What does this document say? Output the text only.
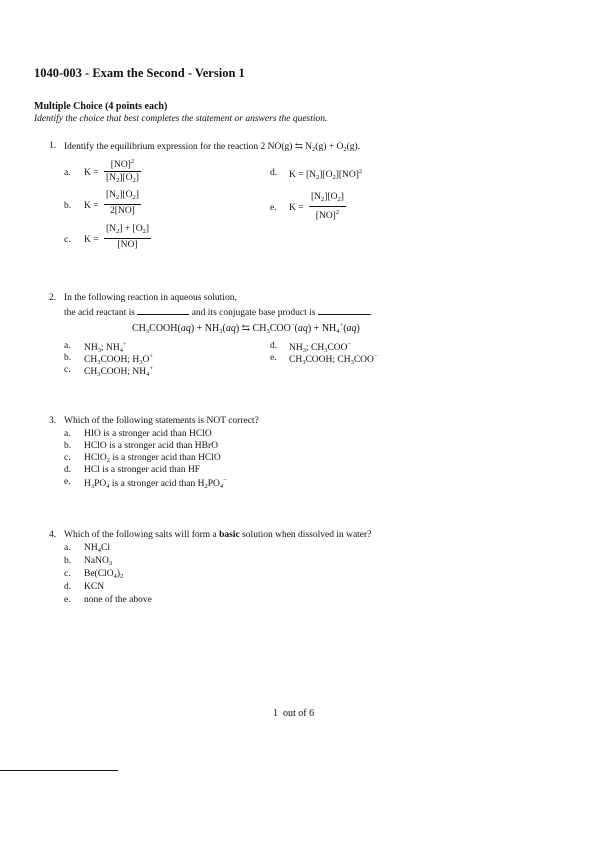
1040-003 - Exam the Second - Version 1
Multiple Choice (4 points each)
Identify the choice that best completes the statement or answers the question.
1. Identify the equilibrium expression for the reaction 2 NO(g) ⇆ $N_2(g) + O_2(g)$.
a. $K = \frac{[NO]^2}{[N_2][O_2]}$
b. $K = \frac{[N_2][O_2]}{2[NO]}$
c. $K = \frac{[N_2] + [O_2]}{[NO]}$
d. $K = [N_2][O_2][NO]^2$
e. $K = \frac{[N_2][O_2]}{[NO]^2}$
2. In the following reaction in aqueous solution,
the acid reactant is	and its conjugate base product is	.
$CH_3COOH(aq) + NH_3(aq)$ ⇆ $CH_3COO^-(aq) + NH_4^+(aq)$
a. $NH_3$; $NH_4^+$
b. $CH_3COOH$; $H_3O^+$
c. $CH_3COOH$; $NH_4^+$
d. $NH_3$; $CH_3COO^-$
e. $CH_3COOH$; $CH_3COO^-$
3. Which of the following statements is NOT correct?
a. HIO is a stronger acid than HClO
b. HClO is a stronger acid than HBrO
c. HClO$_2$ is a stronger acid than HClO
d. HCl is a stronger acid than HF
e. $H_3PO_4$ is a stronger acid than $H_2PO_4^-$
4. Which of the following salts will form a basic solution when dissolved in water?
a. $NH_4Cl$
b. NaNO$_3$
c. $Be(ClO_4)_2$
d. KCN
e. none of the above
1 out of 6
